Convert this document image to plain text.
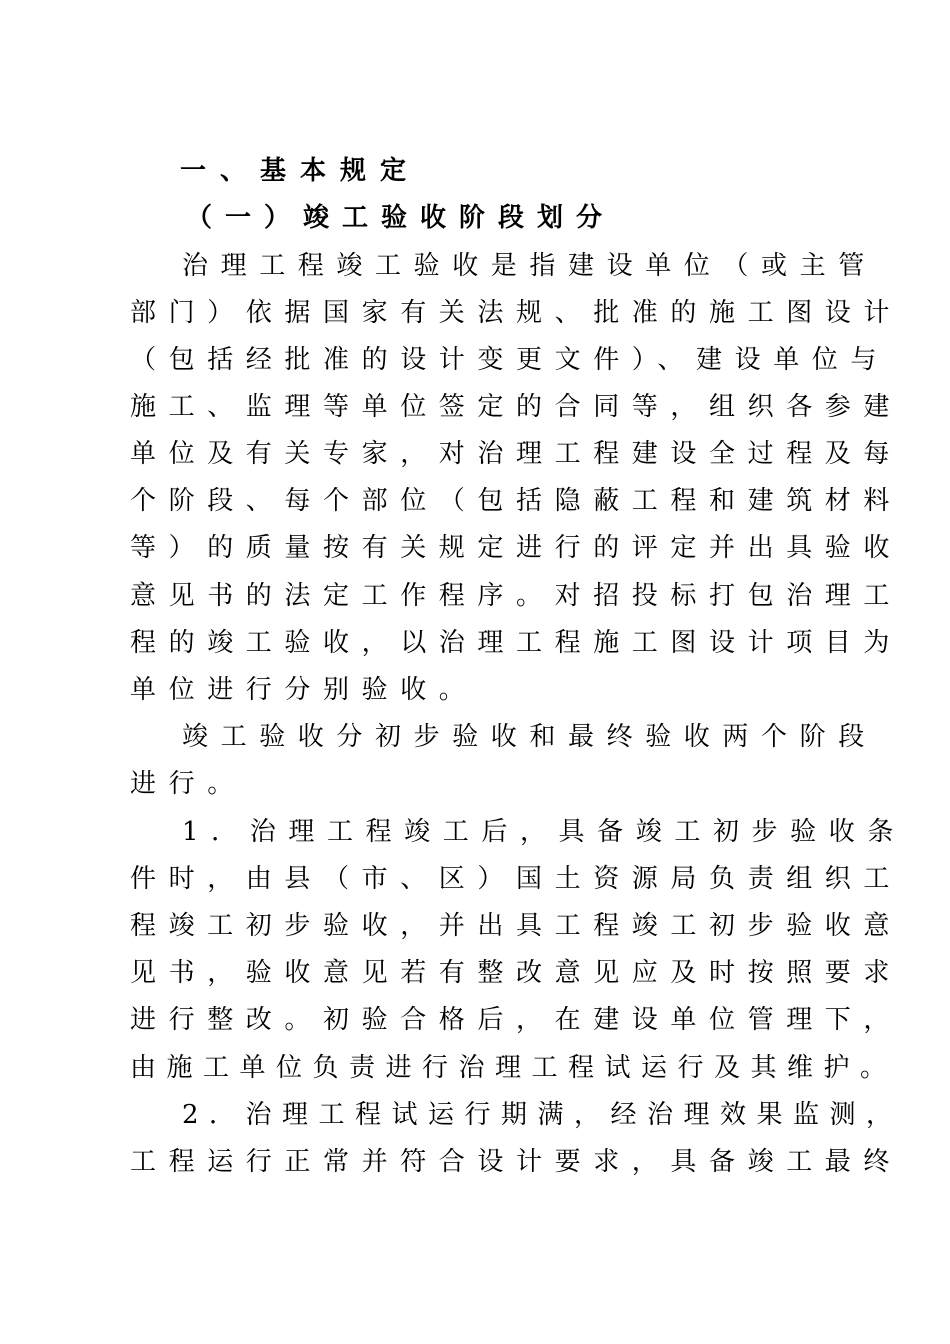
一、基本规定
（一）竣工验收阶段划分
治理工程竣工验收是指建设单位（或主管
部门）依据国家有关法规、批准的施工图设计
（包括经批准的设计变更文件）、建设单位与
施工、监理等单位签定的合同等，组织各参建
单位及有关专家，对治理工程建设全过程及每
个阶段、每个部位（包括隐蔽工程和建筑材料
等）的质量按有关规定进行的评定并出具验收
意见书的法定工作程序。对招投标打包治理工
程的竣工验收，以治理工程施工图设计项目为
单位进行分别验收。
竣工验收分初步验收和最终验收两个阶段
进行。
1．治理工程竣工后，具备竣工初步验收条
件时，由县（市、区）国土资源局负责组织工
程竣工初步验收，并出具工程竣工初步验收意
见书，验收意见若有整改意见应及时按照要求
进行整改。初验合格后，在建设单位管理下，
由施工单位负责进行治理工程试运行及其维护。
2．治理工程试运行期满，经治理效果监测，
工程运行正常并符合设计要求，具备竣工最终
